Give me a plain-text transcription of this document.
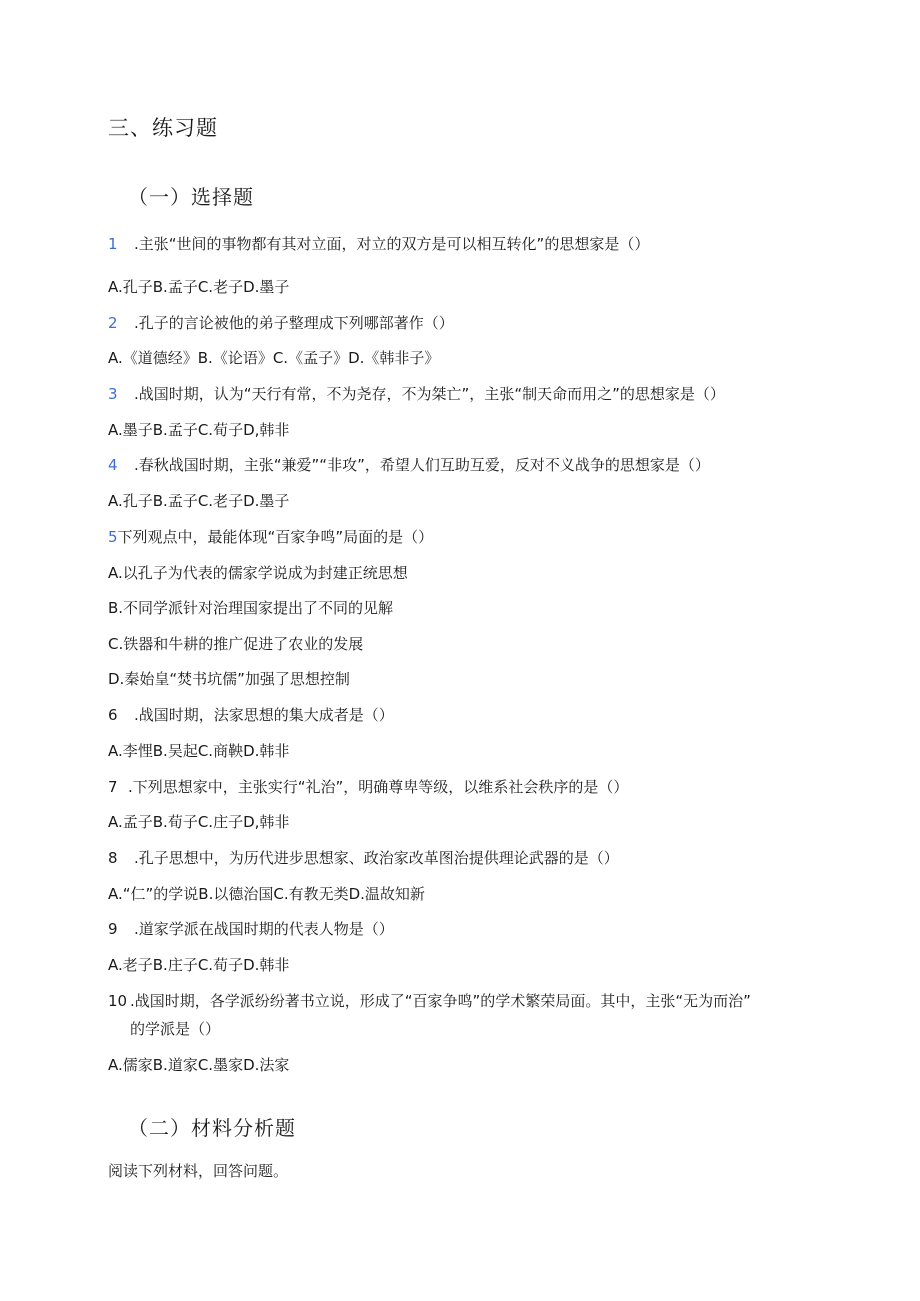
三、练习题
（一）选择题
1 .主张“世间的事物都有其对立面，对立的双方是可以相互转化”的思想家是（）
A.孔子B.孟子C.老子D.墨子
2 .孔子的言论被他的弟子整理成下列哪部著作（）
A.《道德经》B.《论语》C.《孟子》D.《韩非子》
3 .战国时期，认为“天行有常，不为尧存，不为桀亡”，主张“制天命而用之”的思想家是（）
A.墨子B.孟子C.荀子D,韩非
4 .春秋战国时期，主张“兼爱”“非攻”，希望人们互助互爱，反对不义战争的思想家是（）
A.孔子B.孟子C.老子D.墨子
5下列观点中，最能体现“百家争鸣”局面的是（）
A.以孔子为代表的儒家学说成为封建正统思想
B.不同学派针对治理国家提出了不同的见解
C.铁器和牛耕的推广促进了农业的发展
D.秦始皇“焚书坑儒”加强了思想控制
6 .战国时期，法家思想的集大成者是（）
A.李悝B.吴起C.商鞅D.韩非
7 .下列思想家中，主张实行“礼治”，明确尊卑等级，以维系社会秩序的是（）
A.孟子B.荀子C.庄子D,韩非
8 .孔子思想中，为历代进步思想家、政治家改革图治提供理论武器的是（）
A.“仁”的学说B.以德治国C.有教无类D.温故知新
9 .道家学派在战国时期的代表人物是（）
A.老子B.庄子C.荀子D.韩非
10 .战国时期，各学派纷纷著书立说，形成了“百家争鸣”的学术繁荣局面。其中，主张“无为而治”
的学派是（）
A.儒家B.道家C.墨家D.法家
（二）材料分析题
阅读下列材料，回答问题。
